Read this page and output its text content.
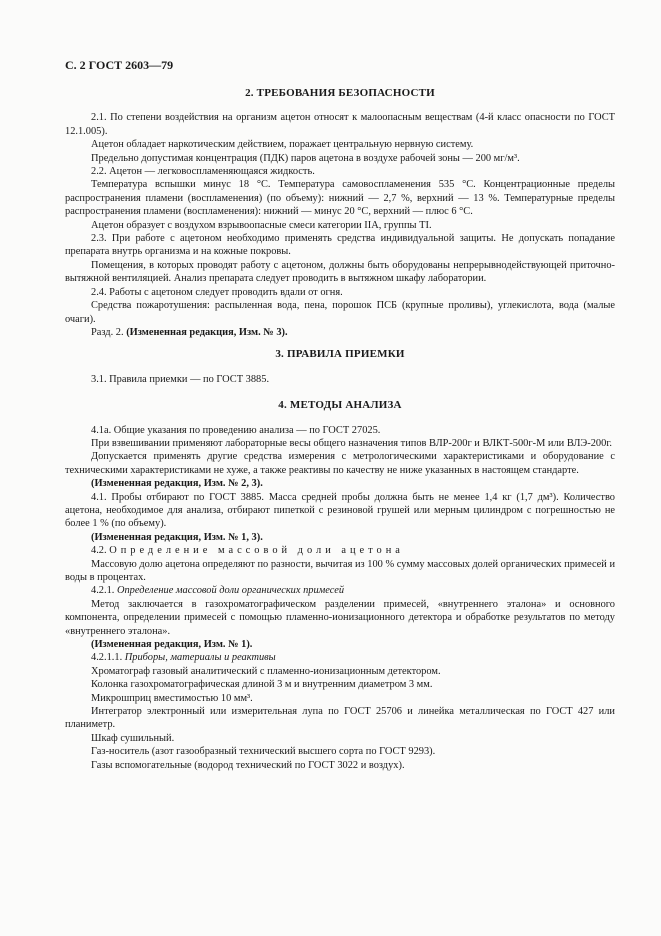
С. 2 ГОСТ 2603—79
2. ТРЕБОВАНИЯ БЕЗОПАСНОСТИ

2.1. По степени воздействия на организм ацетон относят к малоопасным веществам (4-й класс опасности по ГОСТ 12.1.005).

Ацетон обладает наркотическим действием, поражает центральную нервную систему.

Предельно допустимая концентрация (ПДК) паров ацетона в воздухе рабочей зоны — 200 мг/м³.

2.2. Ацетон — легковоспламеняющаяся жидкость.

Температура вспышки минус 18 °С. Температура самовоспламенения 535 °С. Концентрационные пределы распространения пламени (воспламенения) (по объему): нижний — 2,7 %, верхний — 13 %. Температурные пределы распространения пламени (воспламенения): нижний — минус 20 °С, верхний — плюс 6 °С.

Ацетон образует с воздухом взрывоопасные смеси категории IIA, группы TI.

2.3. При работе с ацетоном необходимо применять средства индивидуальной защиты. Не допускать попадание препарата внутрь организма и на кожные покровы.

Помещения, в которых проводят работу с ацетоном, должны быть оборудованы непрерывнодействующей приточно-вытяжной вентиляцией. Анализ препарата следует проводить в вытяжном шкафу лаборатории.

2.4. Работы с ацетоном следует проводить вдали от огня.

Средства пожаротушения: распыленная вода, пена, порошок ПСБ (крупные проливы), углекислота, вода (малые очаги).

Разд. 2. (Измененная редакция, Изм. № 3).

3. ПРАВИЛА ПРИЕМКИ

3.1. Правила приемки — по ГОСТ 3885.

4. МЕТОДЫ АНАЛИЗА

4.1а. Общие указания по проведению анализа — по ГОСТ 27025.

При взвешивании применяют лабораторные весы общего назначения типов ВЛР-200г и ВЛКТ-500г-М или ВЛЭ-200г.

Допускается применять другие средства измерения с метрологическими характеристиками и оборудование с техническими характеристиками не хуже, а также реактивы по качеству не ниже указанных в настоящем стандарте.

(Измененная редакция, Изм. № 2, 3).

4.1. Пробы отбирают по ГОСТ 3885. Масса средней пробы должна быть не менее 1,4 кг (1,7 дм³). Количество ацетона, необходимое для анализа, отбирают пипеткой с резиновой грушей или мерным цилиндром с погрешностью не более 1 % (по объему).

(Измененная редакция, Изм. № 1, 3).

4.2. Определение массовой доли ацетона

Массовую долю ацетона определяют по разности, вычитая из 100 % сумму массовых долей органических примесей и воды в процентах.

4.2.1. Определение массовой доли органических примесей

Метод заключается в газохроматографическом разделении примесей, «внутреннего эталона» и основного компонента, определении примесей с помощью пламенно-ионизационного детектора и обработке результатов по методу «внутреннего эталона».

(Измененная редакция, Изм. № 1).

4.2.1.1. Приборы, материалы и реактивы

Хроматограф газовый аналитический с пламенно-ионизационным детектором.

Колонка газохроматографическая длиной 3 м и внутренним диаметром 3 мм.

Микрошприц вместимостью 10 мм³.

Интегратор электронный или измерительная лупа по ГОСТ 25706 и линейка металлическая по ГОСТ 427 или планиметр.

Шкаф сушильный.

Газ-носитель (азот газообразный технический высшего сорта по ГОСТ 9293).

Газы вспомогательные (водород технический по ГОСТ 3022 и воздух).
